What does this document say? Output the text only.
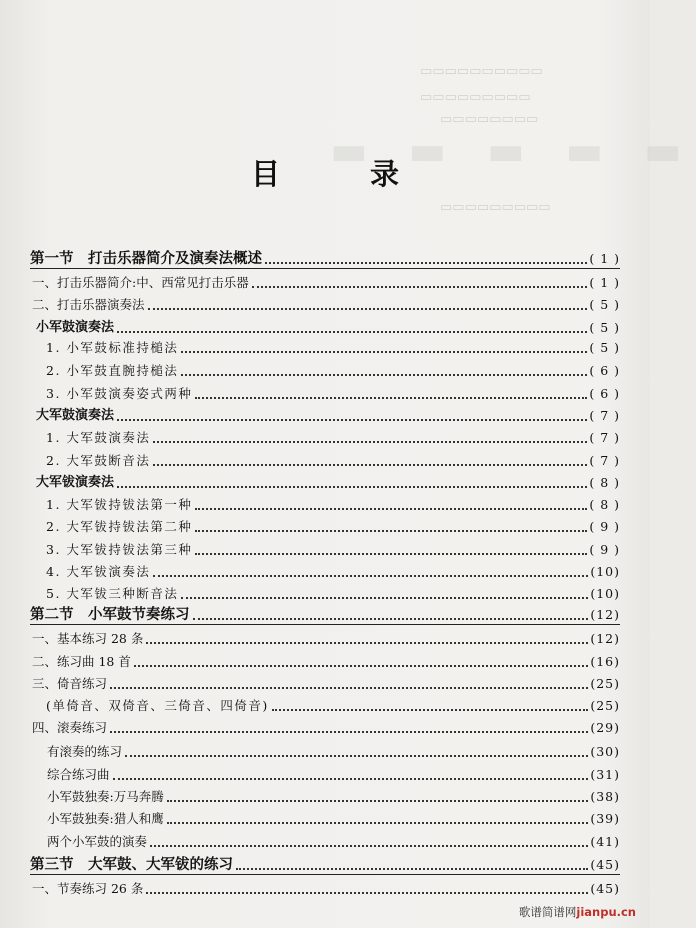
▬ ▬ ▬ ▬ ▬
▭▭▭▭▭▭▭▭▭▭
▭▭▭▭▭▭▭▭▭
▭▭▭▭▭▭▭▭
▭▭▭▭▭▭▭▭▭
目 录
第一节　打击乐器简介及演奏法概述	( 1 )
一、打击乐器简介:中、西常见打击乐器	( 1 )
二、打击乐器演奏法	( 5 )
小军鼓演奏法	( 5 )
1. 小军鼓标准持槌法	( 5 )
2. 小军鼓直腕持槌法	( 6 )
3. 小军鼓演奏姿式两种	( 6 )
大军鼓演奏法	( 7 )
1. 大军鼓演奏法	( 7 )
2. 大军鼓断音法	( 7 )
大军钹演奏法	( 8 )
1. 大军钹持钹法第一种	( 8 )
2. 大军钹持钹法第二种	( 9 )
3. 大军钹持钹法第三种	( 9 )
4. 大军钹演奏法	(10)
5. 大军钹三种断音法	(10)
第二节　小军鼓节奏练习	(12)
一、基本练习 28 条	(12)
二、练习曲 18 首	(16)
三、倚音练习	(25)
(单倚音、双倚音、三倚音、四倚音)	(25)
四、滚奏练习	(29)
有滚奏的练习	(30)
综合练习曲	(31)
小军鼓独奏:万马奔腾	(38)
小军鼓独奏:猎人和鹰	(39)
两个小军鼓的演奏	(41)
第三节　大军鼓、大军钹的练习	(45)
一、节奏练习 26 条	(45)
歌谱简谱网jianpu.cn
